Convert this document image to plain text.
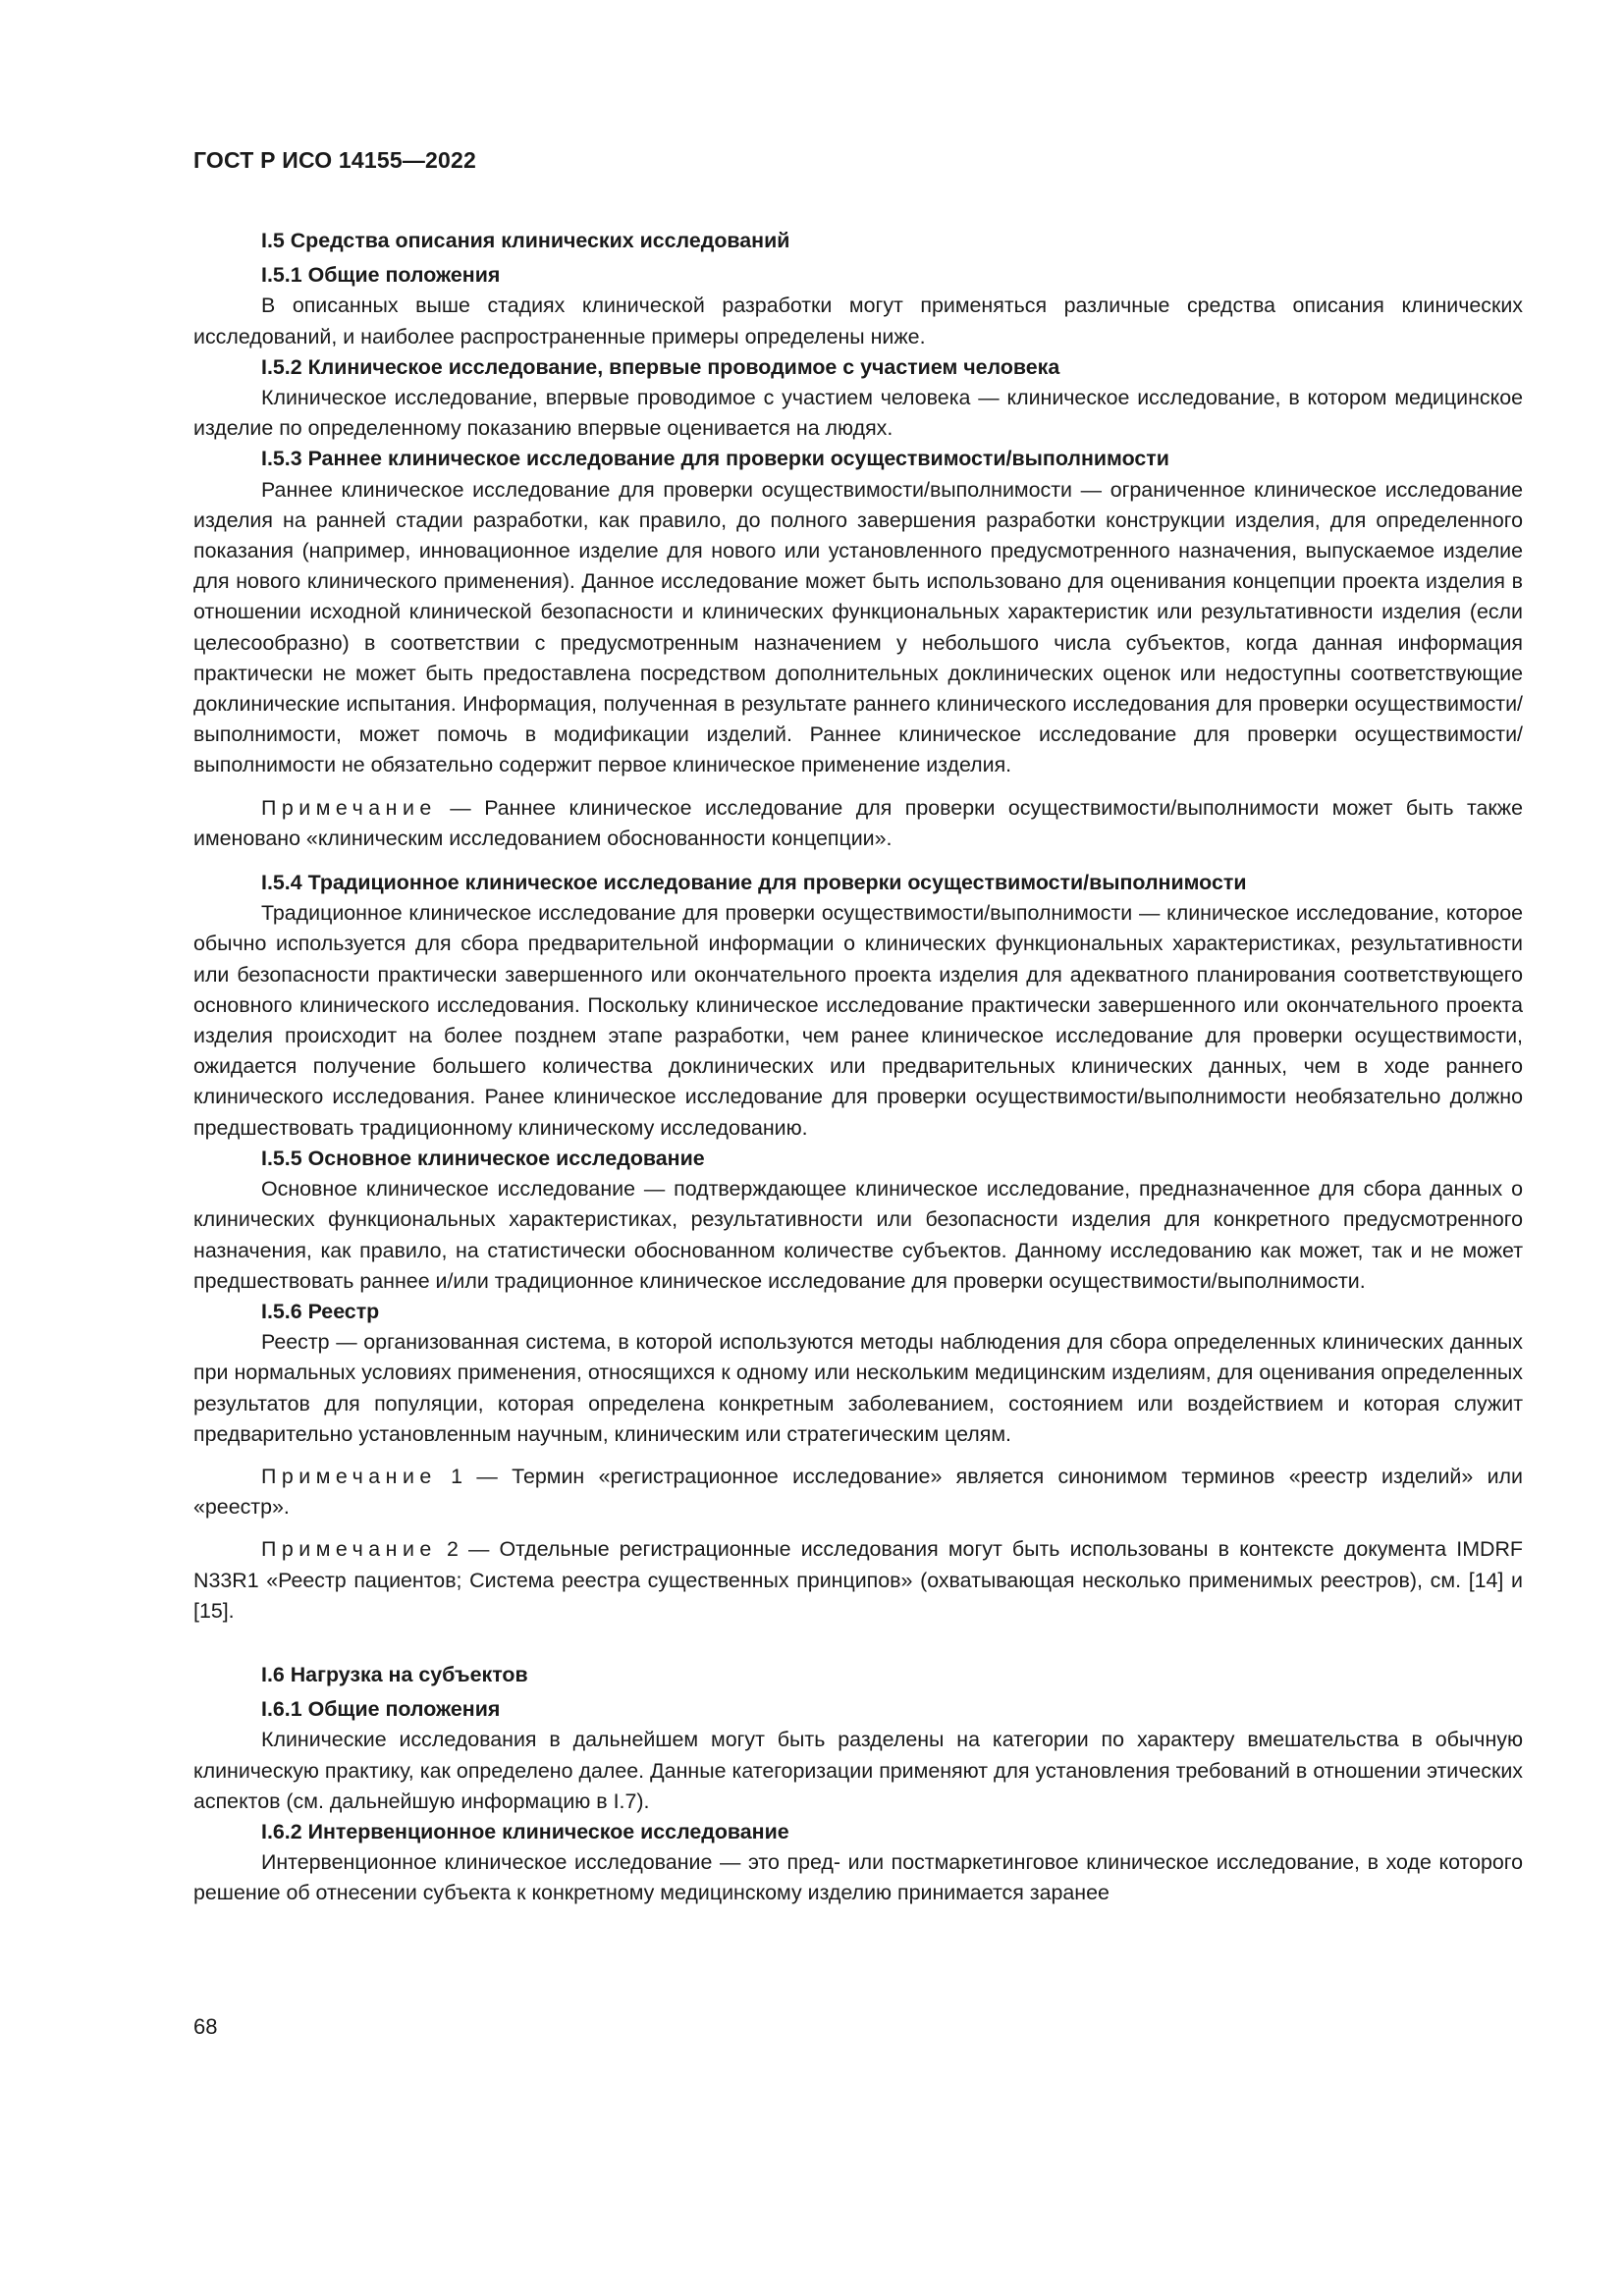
ГОСТ Р ИСО 14155—2022
I.5 Средства описания клинических исследований
I.5.1 Общие положения

В описанных выше стадиях клинической разработки могут применяться различные средства описания клинических исследований, и наиболее распространенные примеры определены ниже.

I.5.2 Клиническое исследование, впервые проводимое с участием человека

Клиническое исследование, впервые проводимое с участием человека — клиническое исследование, в котором медицинское изделие по определенному показанию впервые оценивается на людях.

I.5.3 Раннее клиническое исследование для проверки осуществимости/выполнимости

Раннее клиническое исследование для проверки осуществимости/выполнимости — ограниченное клиническое исследование изделия на ранней стадии разработки, как правило, до полного завершения разработки конструкции изделия, для определенного показания (например, инновационное изделие для нового или установленного предусмотренного назначения, выпускаемое изделие для нового клинического применения). Данное исследование может быть использовано для оценивания концепции проекта изделия в отношении исходной клинической безопасности и клинических функциональных характеристик или результативности изделия (если целесообразно) в соответствии с предусмотренным назначением у небольшого числа субъектов, когда данная информация практически не может быть предоставлена посредством дополнительных доклинических оценок или недоступны соответствующие доклинические испытания. Информация, полученная в результате раннего клинического исследования для проверки осуществимости/выполнимости, может помочь в модификации изделий. Раннее клиническое исследование для проверки осуществимости/выполнимости не обязательно содержит первое клиническое применение изделия.

Примечание — Раннее клиническое исследование для проверки осуществимости/выполнимости может быть также именовано «клиническим исследованием обоснованности концепции».

I.5.4 Традиционное клиническое исследование для проверки осуществимости/выполнимости

Традиционное клиническое исследование для проверки осуществимости/выполнимости — клиническое исследование, которое обычно используется для сбора предварительной информации о клинических функциональных характеристиках, результативности или безопасности практически завершенного или окончательного проекта изделия для адекватного планирования соответствующего основного клинического исследования. Поскольку клиническое исследование практически завершенного или окончательного проекта изделия происходит на более позднем этапе разработки, чем ранее клиническое исследование для проверки осуществимости, ожидается получение большего количества доклинических или предварительных клинических данных, чем в ходе раннего клинического исследования. Ранее клиническое исследование для проверки осуществимости/выполнимости необязательно должно предшествовать традиционному клиническому исследованию.

I.5.5 Основное клиническое исследование

Основное клиническое исследование — подтверждающее клиническое исследование, предназначенное для сбора данных о клинических функциональных характеристиках, результативности или безопасности изделия для конкретного предусмотренного назначения, как правило, на статистически обоснованном количестве субъектов. Данному исследованию как может, так и не может предшествовать раннее и/или традиционное клиническое исследование для проверки осуществимости/выполнимости.

I.5.6 Реестр

Реестр — организованная система, в которой используются методы наблюдения для сбора определенных клинических данных при нормальных условиях применения, относящихся к одному или нескольким медицинским изделиям, для оценивания определенных результатов для популяции, которая определена конкретным заболеванием, состоянием или воздействием и которая служит предварительно установленным научным, клиническим или стратегическим целям.

Примечание 1 — Термин «регистрационное исследование» является синонимом терминов «реестр изделий» или «реестр».

Примечание 2 — Отдельные регистрационные исследования могут быть использованы в контексте документа IMDRF N33R1 «Реестр пациентов; Система реестра существенных принципов» (охватывающая несколько применимых реестров), см. [14] и [15].

I.6 Нагрузка на субъектов
I.6.1 Общие положения

Клинические исследования в дальнейшем могут быть разделены на категории по характеру вмешательства в обычную клиническую практику, как определено далее. Данные категоризации применяют для установления требований в отношении этических аспектов (см. дальнейшую информацию в I.7).

I.6.2 Интервенционное клиническое исследование

Интервенционное клиническое исследование — это пред- или постмаркетинговое клиническое исследование, в ходе которого решение об отнесении субъекта к конкретному медицинскому изделию принимается заранее

68
